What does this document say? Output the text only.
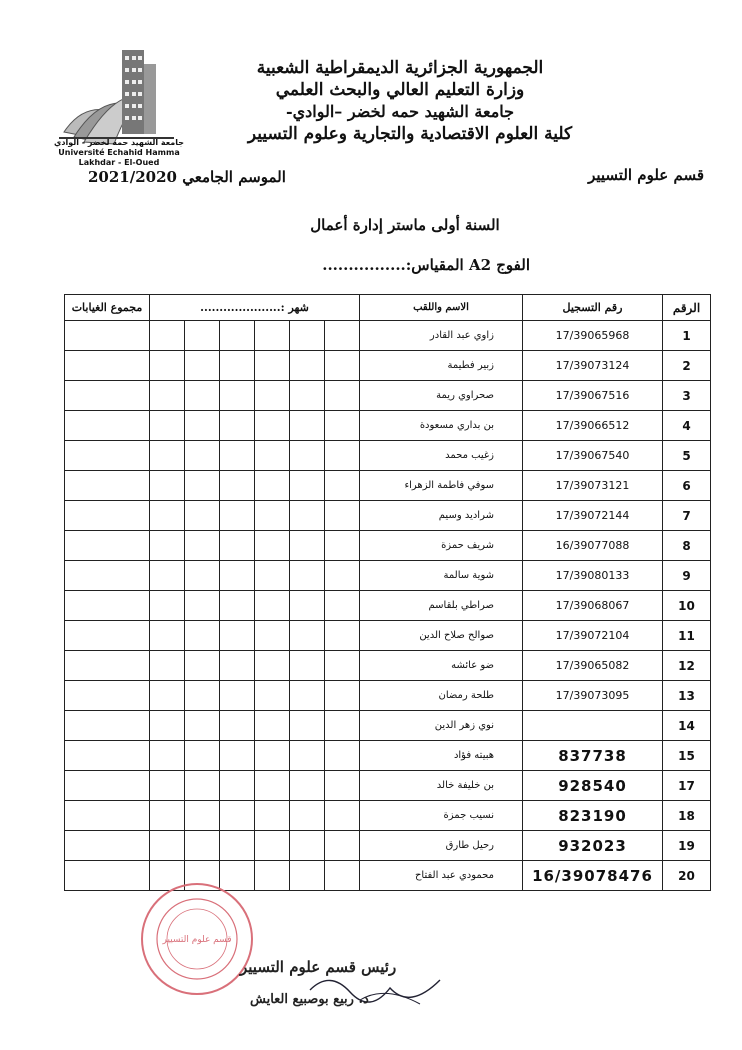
الجمهورية الجزائرية الديمقراطية الشعبية
وزارة التعليم العالي والبحث العلمي
جامعة الشهيد حمه لخضر –الوادي-
كلية العلوم الاقتصادية والتجارية وعلوم التسيير
جامعة الشهيد حمه لخضر - الوادي
Université Echahid Hamma Lakhdar - El-Oued
قسم علوم التسيير
الموسم الجامعي 2021/2020
السنة أولى ماستر إدارة أعمال
الفوج A2 المقياس:................
الرقم	رقم التسجيل	الاسم واللقب	شهر :.....................						مجموع الغيابات
1	17/39065968	زاوي عبد القادر							
2	17/39073124	زبير فطيمة							
3	17/39067516	صحراوي ريمة							
4	17/39066512	بن بداري مسعودة							
5	17/39067540	زغيب محمد							
6	17/39073121	سوفي فاطمة الزهراء							
7	17/39072144	شراديد وسيم							
8	16/39077088	شريف حمزة							
9	17/39080133	شوية سالمة							
10	17/39068067	صراطي بلقاسم							
11	17/39072104	صوالح صلاح الدين							
12	17/39065082	ضو عائشه							
13	17/39073095	طلحة رمضان							
14		نوي زهر الدين							
15	837738	هبيته فؤاد							
17	928540	بن خليفة خالد							
18	823190	نسيب جمزة							
19	932023	رحيل طارق							
20	16/39078476	محمودي عبد الفتاح							
قسم علوم التسيير
رئيس قسم علوم التسيير
د. ربيع بوصبيع العايش
